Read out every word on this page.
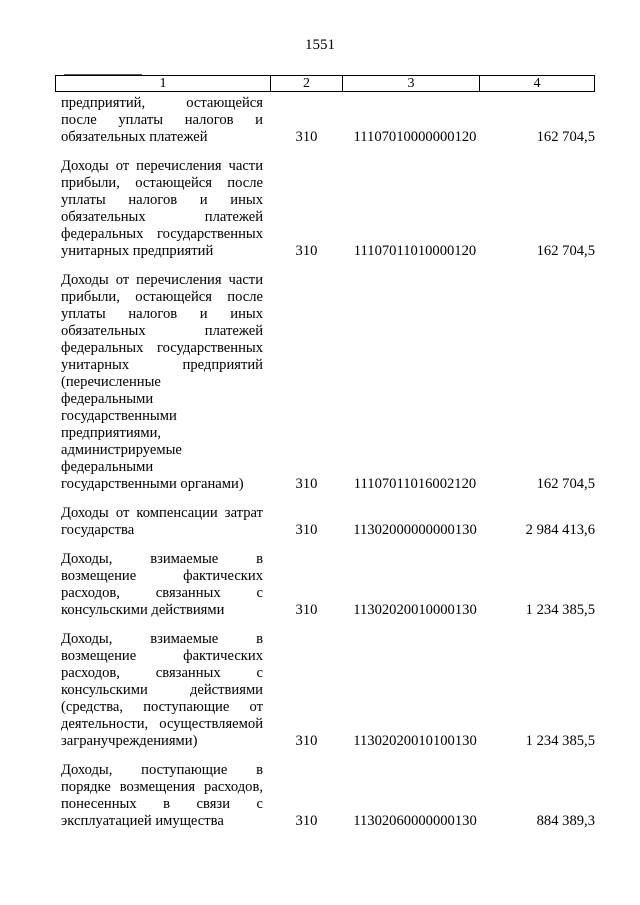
1551
1	2	3	4
предприятий, остающейся
после уплаты налогов и
обязательных платежей	310	11107010000000120	162 704,5
Доходы от перечисления части
прибыли, остающейся после
уплаты налогов и иных
обязательных платежей
федеральных государственных
унитарных предприятий	310	11107011010000120	162 704,5
Доходы от перечисления части
прибыли, остающейся после
уплаты налогов и иных
обязательных платежей
федеральных государственных
унитарных предприятий
(перечисленные
федеральными
государственными
предприятиями,
администрируемые
федеральными
государственными органами)	310	11107011016002120	162 704,5
Доходы от компенсации затрат
государства	310	11302000000000130	2 984 413,6
Доходы, взимаемые в
возмещение фактических
расходов, связанных с
консульскими действиями	310	11302020010000130	1 234 385,5
Доходы, взимаемые в
возмещение фактических
расходов, связанных с
консульскими действиями
(средства, поступающие от
деятельности, осуществляемой
загранучреждениями)	310	11302020010100130	1 234 385,5
Доходы, поступающие в
порядке возмещения расходов,
понесенных в связи с
эксплуатацией имущества	310	11302060000000130	884 389,3
